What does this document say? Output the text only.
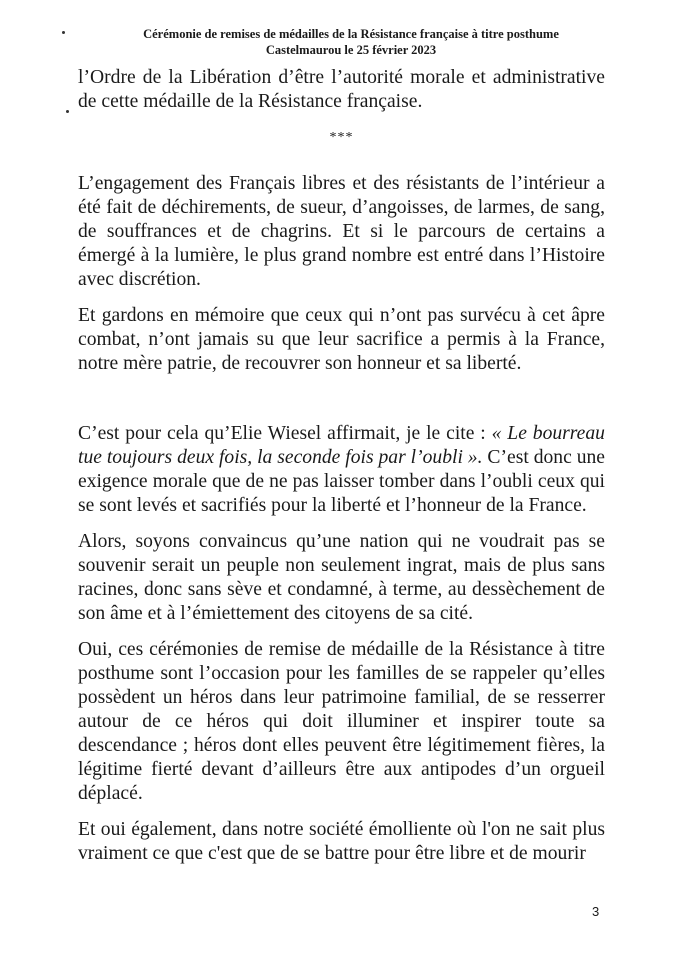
Cérémonie de remises de médailles de la Résistance française à titre posthume
Castelmaurou le 25 février 2023

l’Ordre de la Libération d’être l’autorité morale et administrative de cette médaille de la Résistance française.

***

L’engagement des Français libres et des résistants de l’intérieur a été fait de déchirements, de sueur, d’angoisses, de larmes, de sang, de souffrances et de chagrins. Et si le parcours de certains a émergé à la lumière, le plus grand nombre est entré dans l’Histoire avec discrétion.

Et gardons en mémoire que ceux qui n’ont pas survécu à cet âpre combat, n’ont jamais su que leur sacrifice a permis à la France, notre mère patrie, de recouvrer son honneur et sa liberté.

C’est pour cela qu’Elie Wiesel affirmait, je le cite : « Le bourreau tue toujours deux fois, la seconde fois par l’oubli ». C’est donc une exigence morale que de ne pas laisser tomber dans l’oubli ceux qui se sont levés et sacrifiés pour la liberté et l’honneur de la France.

Alors, soyons convaincus qu’une nation qui ne voudrait pas se souvenir serait un peuple non seulement ingrat, mais de plus sans racines, donc sans sève et condamné, à terme, au dessèchement de son âme et à l’émiettement des citoyens de sa cité.

Oui, ces cérémonies de remise de médaille de la Résistance à titre posthume sont l’occasion pour les familles de se rappeler qu’elles possèdent un héros dans leur patrimoine familial, de se resserrer autour de ce héros qui doit illuminer et inspirer toute sa descendance ; héros dont elles peuvent être légitimement fières, la légitime fierté devant d’ailleurs être aux antipodes d’un orgueil déplacé.

Et oui également, dans notre société émolliente où l'on ne sait plus vraiment ce que c'est que de se battre pour être libre et de mourir

3
